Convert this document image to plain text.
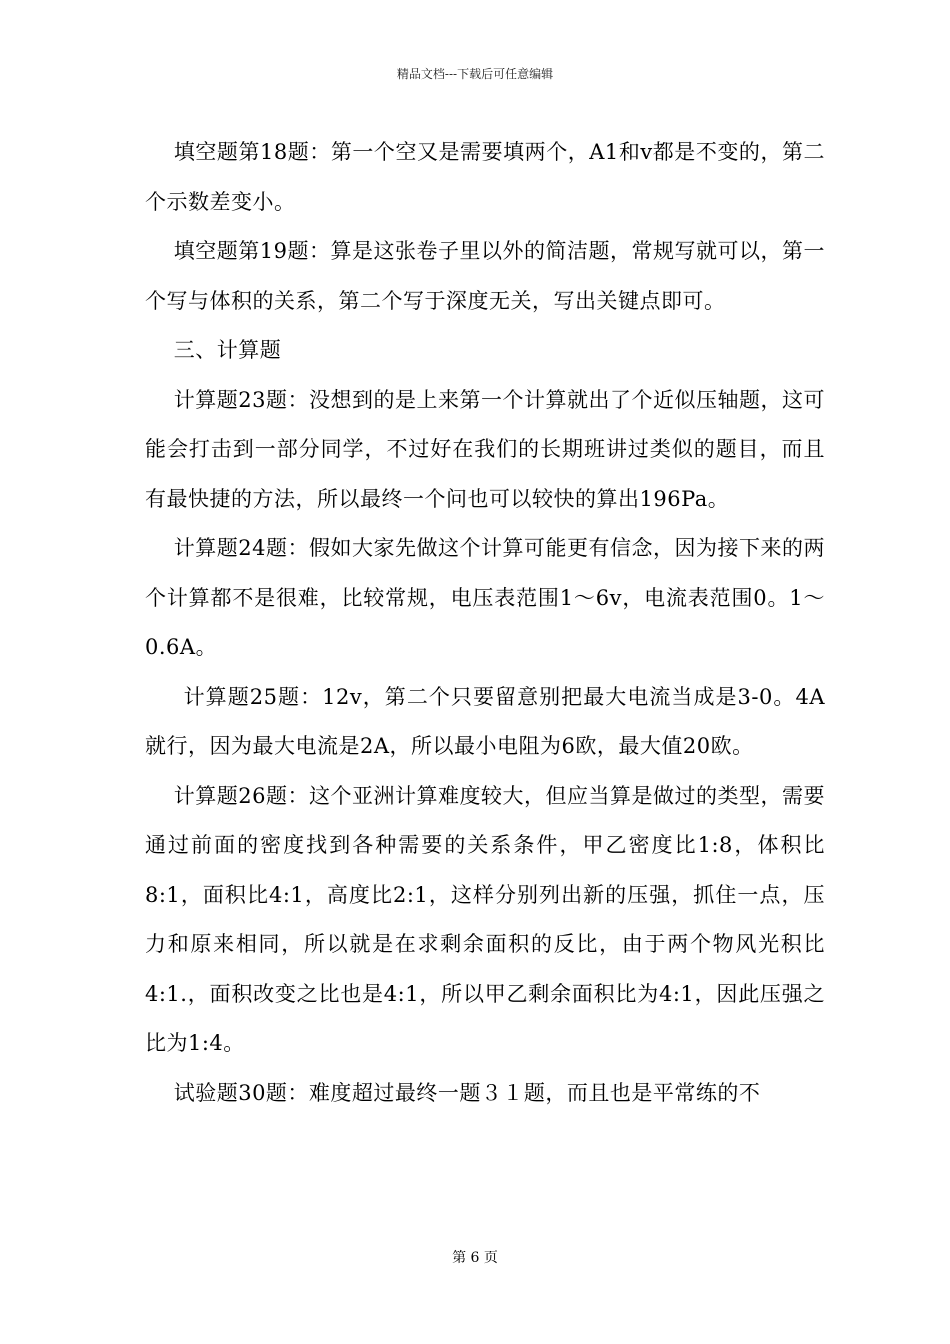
精品文档---下载后可任意编辑

填空题第18题：第一个空又是需要填两个，A1和v都是不变的，第二个示数差变小。

填空题第19题：算是这张卷子里以外的简洁题，常规写就可以，第一个写与体积的关系，第二个写于深度无关，写出关键点即可。

三、计算题

计算题23题：没想到的是上来第一个计算就出了个近似压轴题，这可能会打击到一部分同学，不过好在我们的长期班讲过类似的题目，而且有最快捷的方法，所以最终一个问也可以较快的算出196Pa。

计算题24题：假如大家先做这个计算可能更有信念，因为接下来的两个计算都不是很难，比较常规，电压表范围1～6v，电流表范围0。1～0.6A。

计算题25题：12v，第二个只要留意别把最大电流当成是3-0。4A就行，因为最大电流是2A，所以最小电阻为6欧，最大值20欧。

计算题26题：这个亚洲计算难度较大，但应当算是做过的类型，需要通过前面的密度找到各种需要的关系条件，甲乙密度比1:8，体积比8:1，面积比4:1，高度比2:1，这样分别列出新的压强，抓住一点，压力和原来相同，所以就是在求剩余面积的反比，由于两个物风光积比4:1.，面积改变之比也是4:1，所以甲乙剩余面积比为4:1，因此压强之比为1:4。

试验题30题：难度超过最终一题３１题，而且也是平常练的不

第 6 页
